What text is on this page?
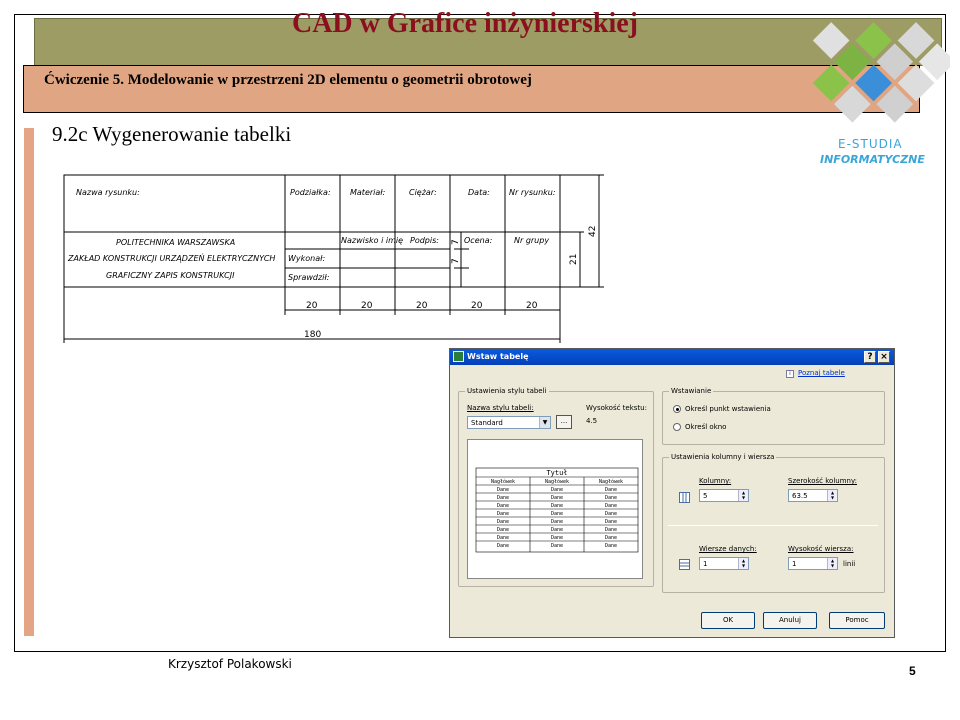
CAD w Grafice inżynierskiej
Ćwiczenie 5. Modelowanie w przestrzeni 2D elementu o geometrii obrotowej
E-STUDIA
INFORMATYCZNE
9.2c Wygenerowanie tabelki
Nazwa rysunku:	Podziałka: Materiał:	Ciężar:	Data: Nr rysunku:
POLITECHNIKA WARSZAWSKA
ZAKŁAD KONSTRUKCJI URZĄDZEŃ ELEKTRYCZNYCH
GRAFICZNY ZAPIS KONSTRUKCJI
Nazwisko i imię Podpis:	Ocena:	Nr grupy
Wykonał:
Sprawdził:
20	20	20	20	20
180
42
21
7
7
Wstaw tabelę	? ×
i	Poznaj tabele
Ustawienia stylu tabeli
Nazwa stylu tabeli:
Standard	▼	...
Wysokość tekstu:
4.5
Tytuł
Nagłówek	Nagłówek	Nagłówek
Dane	Dane	Dane
Dane	Dane	Dane
Dane	Dane	Dane
Dane	Dane	Dane
Dane	Dane	Dane
Dane	Dane	Dane
Dane	Dane	Dane
Dane	Dane	Dane
Wstawianie
Określ punkt wstawienia
Określ okno
Ustawienia kolumny i wiersza
Kolumny:
5	▲
▼
Szerokość kolumny:
63.5	▲
▼
Wiersze danych:
1	▲
▼
Wysokość wiersza:
1	▲
▼	linii
OK	Anuluj	Pomoc
Krzysztof Polakowski	5
